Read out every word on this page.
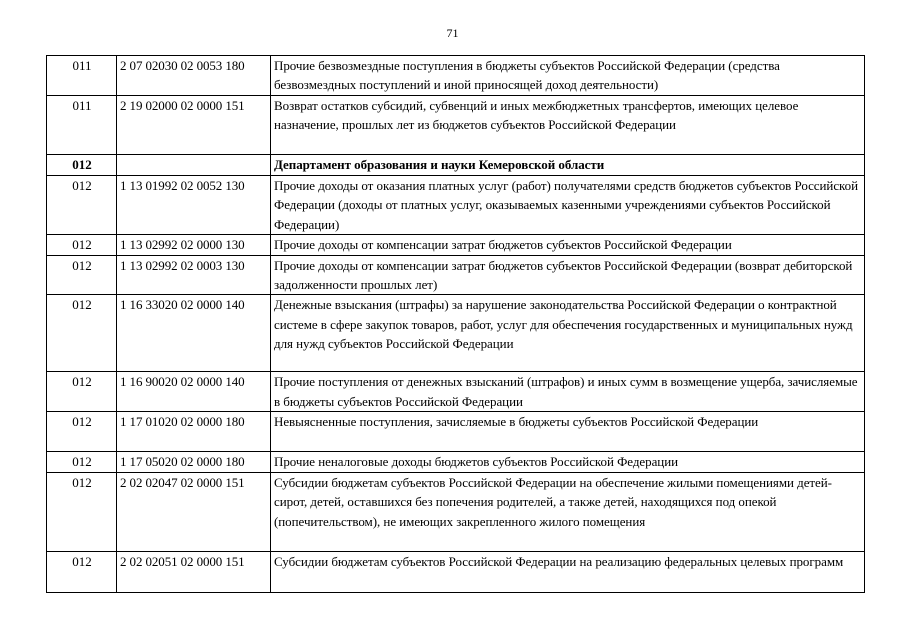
71
011	2 07 02030 02 0053 180	Прочие безвозмездные поступления в бюджеты субъектов Российской Федерации (средства безвозмездных поступлений и иной приносящей доход деятельности)
011	2 19 02000 02 0000 151	Возврат остатков субсидий, субвенций и иных межбюджетных трансфертов, имеющих целевое назначение, прошлых лет из бюджетов субъектов Российской Федерации
012		Департамент образования и науки Кемеровской области
012	1 13 01992 02 0052 130	Прочие доходы от оказания платных услуг (работ) получателями средств бюджетов субъектов Российской Федерации (доходы от платных услуг, оказываемых казенными учреждениями субъектов Российской Федерации)
012	1 13 02992 02 0000 130	Прочие доходы от компенсации затрат бюджетов субъектов Российской Федерации
012	1 13 02992 02 0003 130	Прочие доходы от компенсации затрат бюджетов субъектов Российской Федерации (возврат дебиторской задолженности прошлых лет)
012	1 16 33020 02 0000 140	Денежные взыскания (штрафы) за нарушение законодательства Российской Федерации о контрактной системе в сфере закупок товаров, работ, услуг для обеспечения государственных и муниципальных нужд для нужд субъектов Российской Федерации
012	1 16 90020 02 0000 140	Прочие поступления от денежных взысканий (штрафов) и иных сумм в возмещение ущерба, зачисляемые в бюджеты субъектов Российской Федерации
012	1 17 01020 02 0000 180	Невыясненные поступления, зачисляемые в бюджеты субъектов Российской Федерации
012	1 17 05020 02 0000 180	Прочие неналоговые доходы бюджетов субъектов Российской Федерации
012	2 02 02047 02 0000 151	Субсидии бюджетам субъектов Российской Федерации на обеспечение жилыми помещениями детей-сирот, детей, оставшихся без попечения родителей, а также детей, находящихся под опекой (попечительством), не имеющих закрепленного жилого помещения
012	2 02 02051 02 0000 151	Субсидии бюджетам субъектов Российской Федерации на реализацию федеральных целевых программ
